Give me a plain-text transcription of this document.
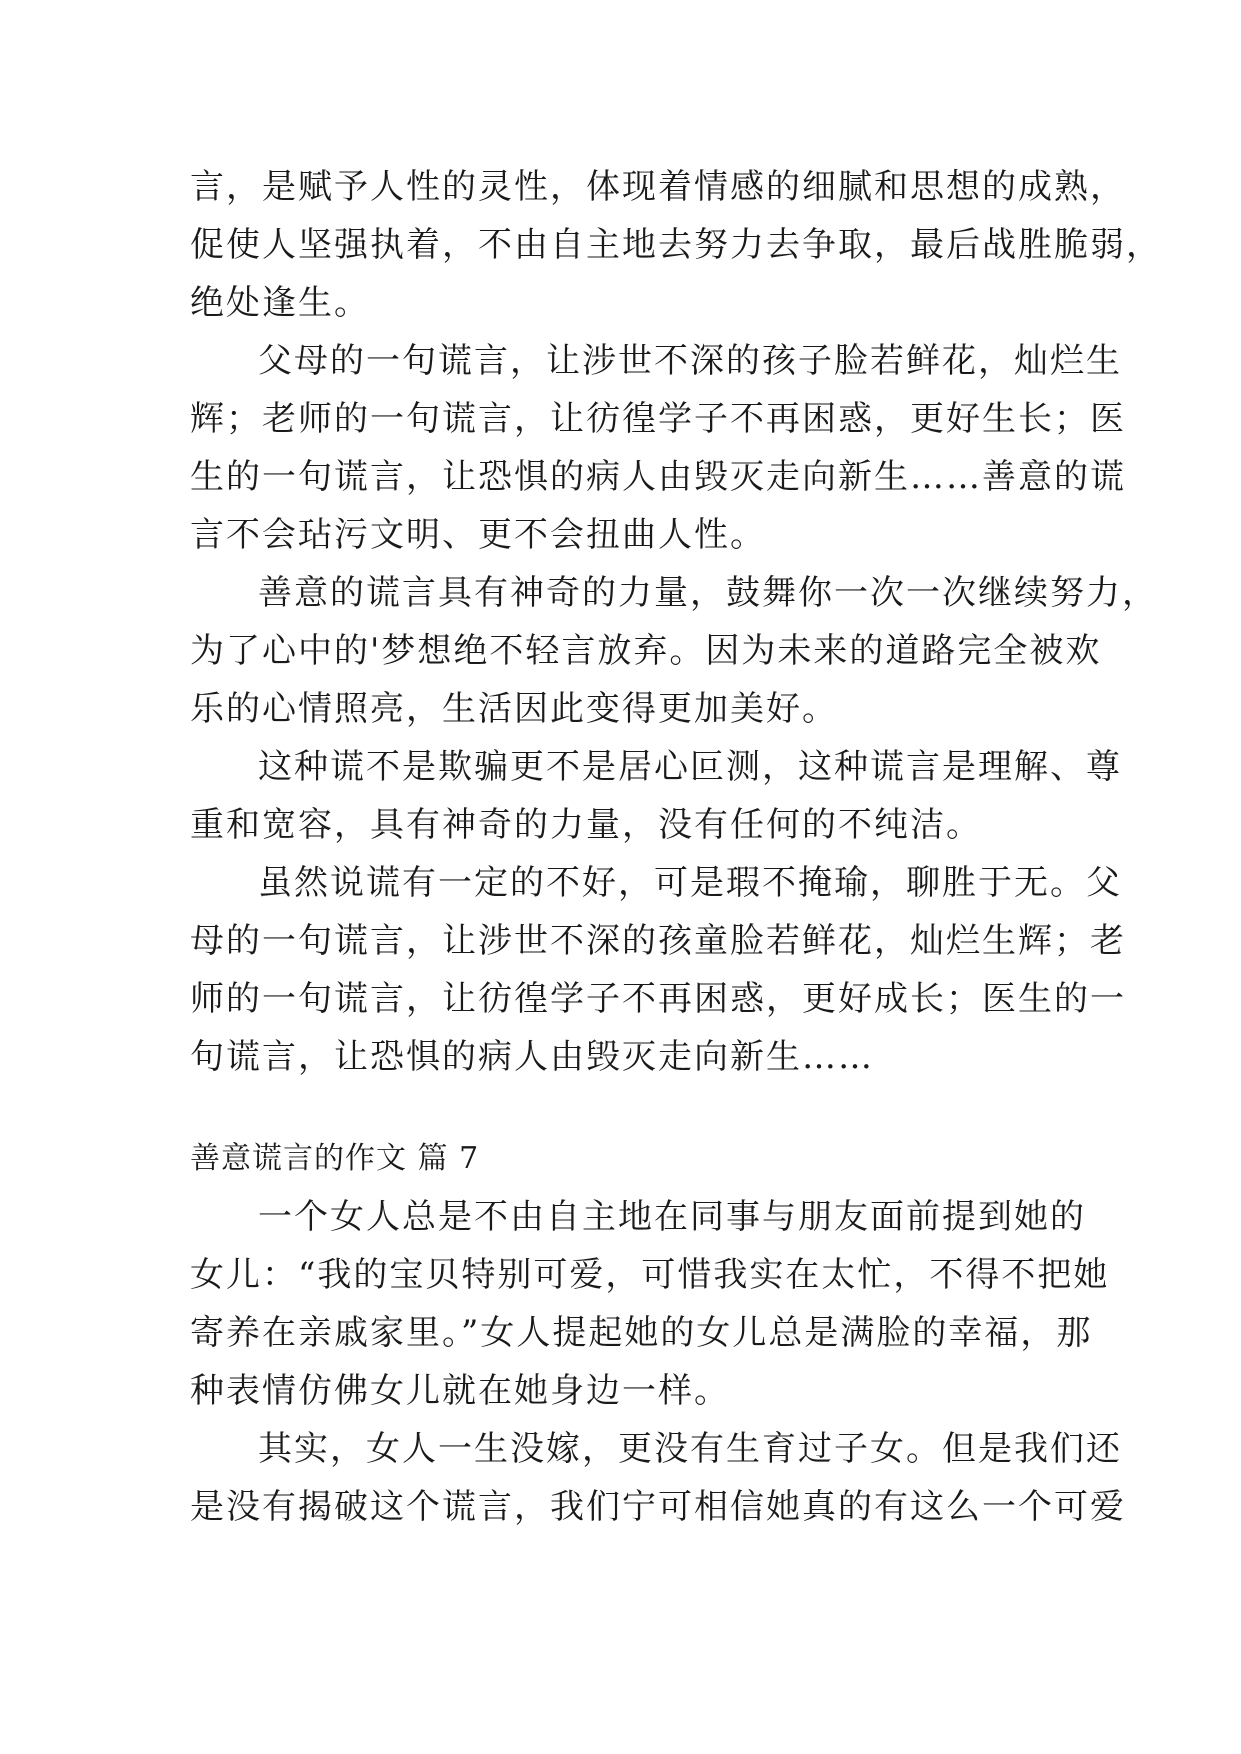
言，是赋予人性的灵性，体现着情感的细腻和思想的成熟，
促使人坚强执着，不由自主地去努力去争取，最后战胜脆弱，
绝处逢生。
父母的一句谎言，让涉世不深的孩子脸若鲜花，灿烂生
辉；老师的一句谎言，让彷徨学子不再困惑，更好生长；医
生的一句谎言，让恐惧的病人由毁灭走向新生……善意的谎
言不会玷污文明、更不会扭曲人性。
善意的谎言具有神奇的力量，鼓舞你一次一次继续努力，
为了心中的'梦想绝不轻言放弃。因为未来的道路完全被欢
乐的心情照亮，生活因此变得更加美好。
这种谎不是欺骗更不是居心叵测，这种谎言是理解、尊
重和宽容，具有神奇的力量，没有任何的不纯洁。
虽然说谎有一定的不好，可是瑕不掩瑜，聊胜于无。父
母的一句谎言，让涉世不深的孩童脸若鲜花，灿烂生辉；老
师的一句谎言，让彷徨学子不再困惑，更好成长；医生的一
句谎言，让恐惧的病人由毁灭走向新生……
善意谎言的作文 篇 7
一个女人总是不由自主地在同事与朋友面前提到她的
女儿：“我的宝贝特别可爱，可惜我实在太忙，不得不把她
寄养在亲戚家里。”女人提起她的女儿总是满脸的幸福，那
种表情仿佛女儿就在她身边一样。
其实，女人一生没嫁，更没有生育过子女。但是我们还
是没有揭破这个谎言，我们宁可相信她真的有这么一个可爱
